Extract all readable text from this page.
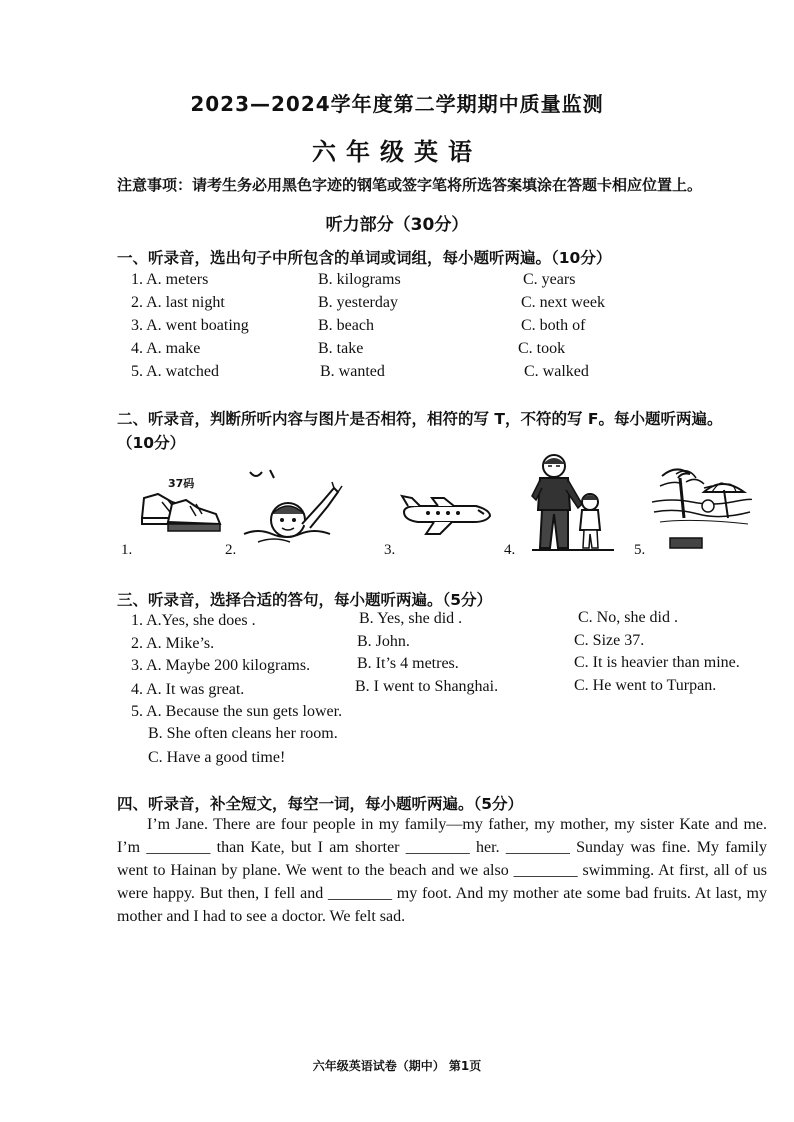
2023—2024学年度第二学期期中质量监测
六年级英语
注意事项：请考生务必用黑色字迹的钢笔或签字笔将所选答案填涂在答题卡相应位置上。
听力部分（30分）
一、听录音，选出句子中所包含的单词或词组，每小题听两遍。（10分）
1. A. meters	B. kilograms	C. years
2. A. last night	B. yesterday	C. next week
3. A. went boating	B. beach	C. both of
4. A. make	B. take	C. took
5. A. watched	B. wanted	C. walked
二、听录音，判断所听内容与图片是否相符，相符的写 T，不符的写 F。每小题听两遍。
（10分）
1.	2.	3.	4.	5.
37码
三、听录音，选择合适的答句，每小题听两遍。（5分）
1. A.Yes, she does .	B. Yes, she did .	C. No, she did .
2. A. Mike’s.	B. John.	C. Size 37.
3. A. Maybe 200 kilograms.	B. It’s 4 metres.	C. It is heavier than mine.
4. A. It was great.	B. I went to Shanghai.	C. He went to Turpan.
5. A. Because the sun gets lower.
B. She often cleans her room.
C. Have a good time!
四、听录音，补全短文，每空一词，每小题听两遍。（5分）
I’m Jane. There are four people in my family—my father, my mother, my sister Kate and me. I’m ________ than Kate, but I am shorter ________ her. ________ Sunday was fine. My family went to Hainan by plane. We went to the beach and we also ________ swimming. At first, all of us were happy. But then, I fell and ________ my foot. And my mother ate some bad fruits. At last, my mother and I had to see a doctor. We felt sad.
六年级英语试卷（期中） 第1页
